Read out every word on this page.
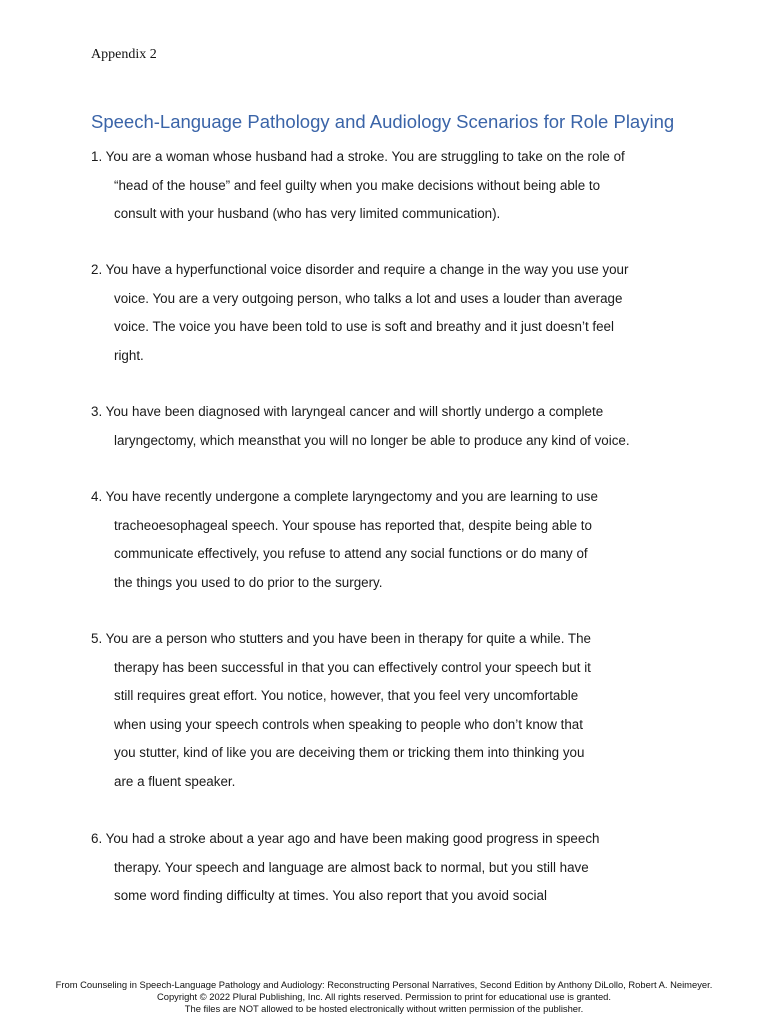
Appendix 2
Speech-Language Pathology and Audiology Scenarios for Role Playing
1. You are a woman whose husband had a stroke. You are struggling to take on the role of
“head of the house” and feel guilty when you make decisions without being able to
consult with your husband (who has very limited communication).
2. You have a hyperfunctional voice disorder and require a change in the way you use your
voice. You are a very outgoing person, who talks a lot and uses a louder than average
voice. The voice you have been told to use is soft and breathy and it just doesn’t feel
right.
3. You have been diagnosed with laryngeal cancer and will shortly undergo a complete
laryngectomy, which meansthat you will no longer be able to produce any kind of voice.
4. You have recently undergone a complete laryngectomy and you are learning to use
tracheoesophageal speech. Your spouse has reported that, despite being able to
communicate effectively, you refuse to attend any social functions or do many of
the things you used to do prior to the surgery.
5. You are a person who stutters and you have been in therapy for quite a while. The
therapy has been successful in that you can effectively control your speech but it
still requires great effort. You notice, however, that you feel very uncomfortable
when using your speech controls when speaking to people who don’t know that
you stutter, kind of like you are deceiving them or tricking them into thinking you
are a fluent speaker.
6. You had a stroke about a year ago and have been making good progress in speech
therapy. Your speech and language are almost back to normal, but you still have
some word finding difficulty at times. You also report that you avoid social
From Counseling in Speech-Language Pathology and Audiology: Reconstructing Personal Narratives, Second Edition by Anthony DiLollo, Robert A. Neimeyer.
Copyright © 2022 Plural Publishing, Inc. All rights reserved. Permission to print for educational use is granted.
The files are NOT allowed to be hosted electronically without written permission of the publisher.
